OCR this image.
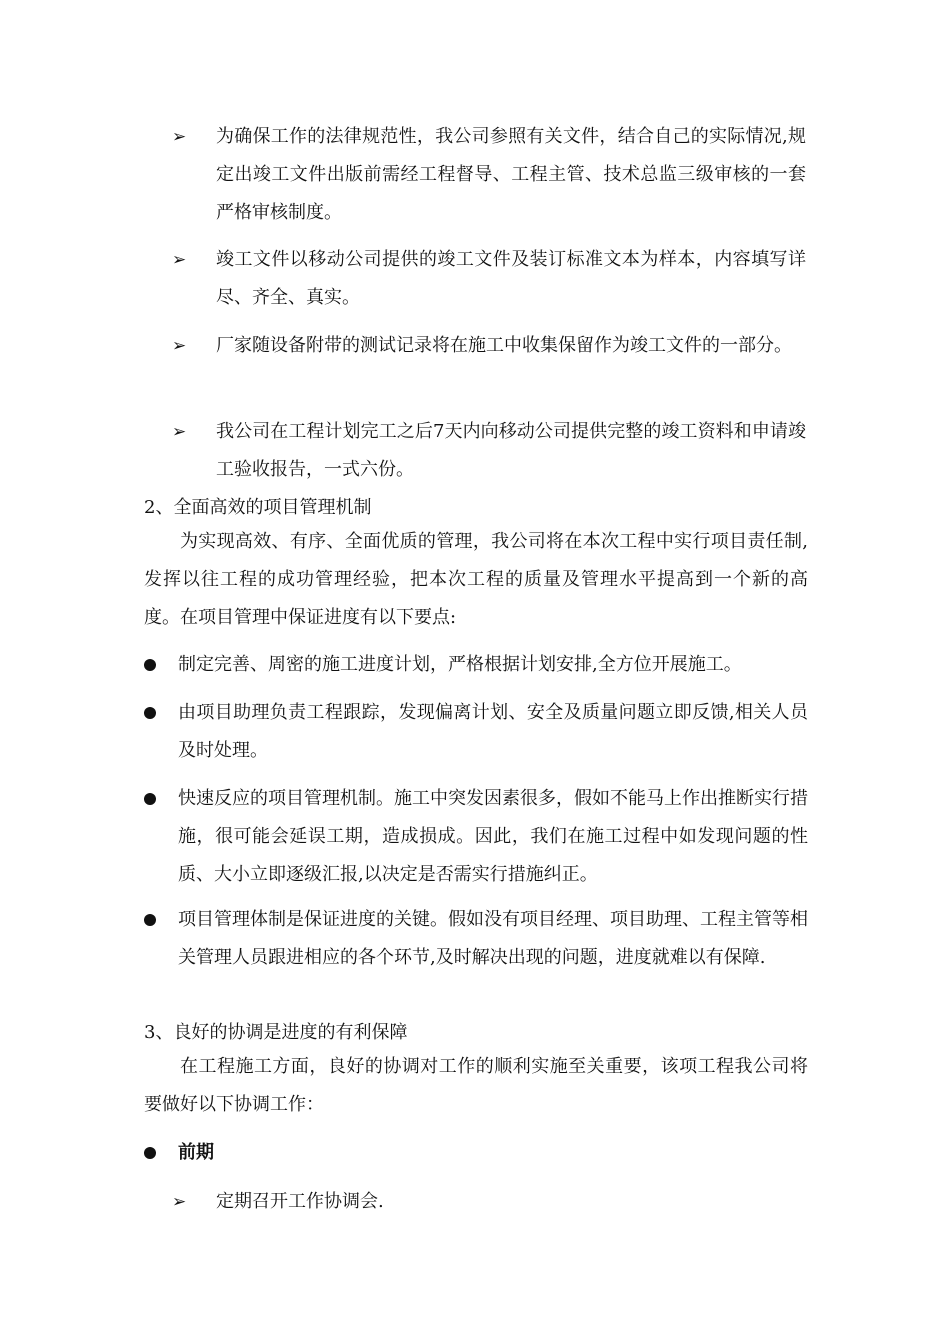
➢ 为确保工作的法律规范性，我公司参照有关文件，结合自己的实际情况,规定出竣工文件出版前需经工程督导、工程主管、技术总监三级审核的一套严格审核制度。
➢ 竣工文件以移动公司提供的竣工文件及装订标准文本为样本，内容填写详尽、齐全、真实。
➢ 厂家随设备附带的测试记录将在施工中收集保留作为竣工文件的一部分。
➢ 我公司在工程计划完工之后7天内向移动公司提供完整的竣工资料和申请竣工验收报告，一式六份。
2、全面高效的项目管理机制
为实现高效、有序、全面优质的管理，我公司将在本次工程中实行项目责任制,发挥以往工程的成功管理经验，把本次工程的质量及管理水平提高到一个新的高度。在项目管理中保证进度有以下要点:
制定完善、周密的施工进度计划，严格根据计划安排,全方位开展施工。
由项目助理负责工程跟踪，发现偏离计划、安全及质量问题立即反馈,相关人员及时处理。
快速反应的项目管理机制。施工中突发因素很多，假如不能马上作出推断实行措施，很可能会延误工期，造成损成。因此，我们在施工过程中如发现问题的性质、大小立即逐级汇报,以决定是否需实行措施纠正。
项目管理体制是保证进度的关键。假如没有项目经理、项目助理、工程主管等相关管理人员跟进相应的各个环节,及时解决出现的问题，进度就难以有保障.
3、良好的协调是进度的有利保障
在工程施工方面，良好的协调对工作的顺利实施至关重要，该项工程我公司将要做好以下协调工作：
前期
➢ 定期召开工作协调会.
